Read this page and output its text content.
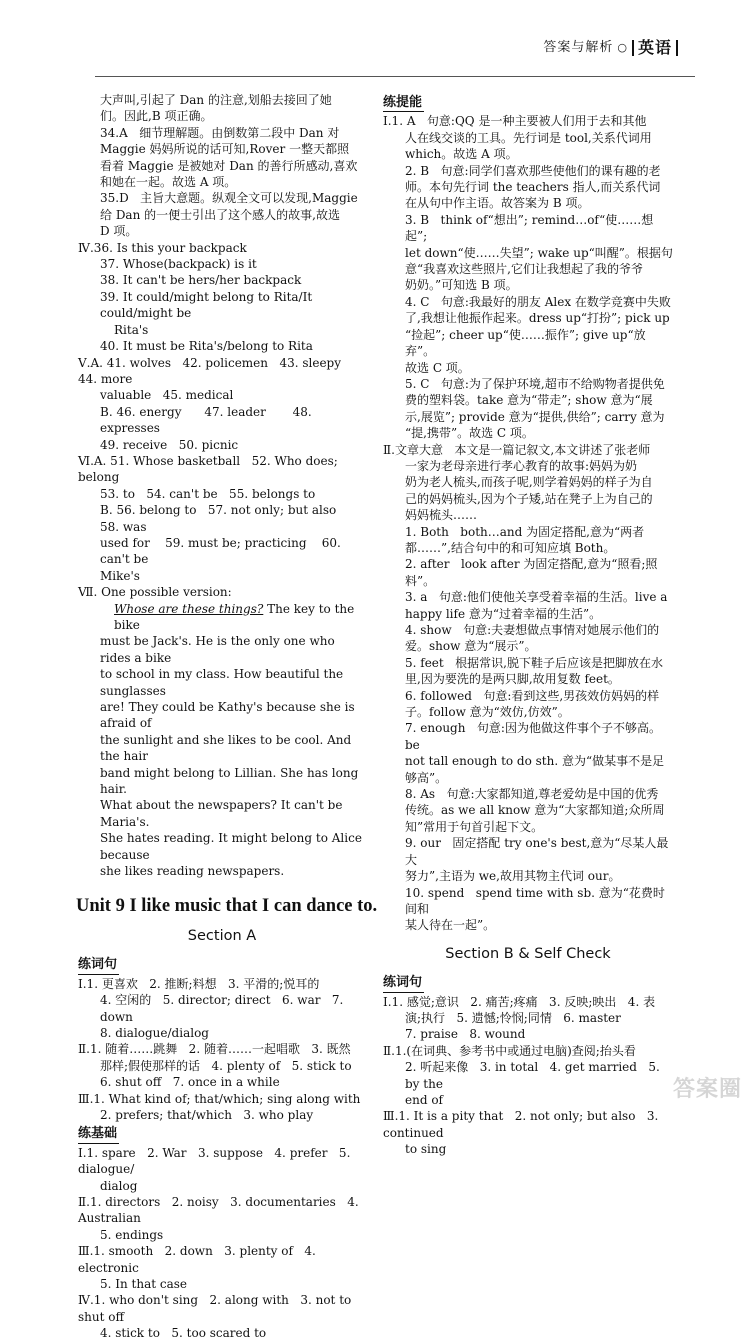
答案与解析 ○ 英语

大声叫,引起了 Dan 的注意,划船去接回了她

们。因此,B 项正确。

34.A   细节理解题。由倒数第二段中 Dan 对

Maggie 妈妈所说的话可知,Rover 一整天都照

看着 Maggie 是被她对 Dan 的善行所感动,喜欢

和她在一起。故选 A 项。

35.D   主旨大意题。纵观全文可以发现,Maggie

给 Dan 的一便士引出了这个感人的故事,故选

D 项。

Ⅳ.36. Is this your backpack

37. Whose(backpack) is it

38. It can't be hers/her backpack

39. It could/might belong to Rita/It could/might be

Rita's

40. It must be Rita's/belong to Rita

Ⅴ.A. 41. wolves   42. policemen   43. sleepy   44. more

valuable   45. medical

B. 46. energy      47. leader       48. expresses

49. receive   50. picnic

Ⅵ.A. 51. Whose basketball   52. Who does; belong

53. to   54. can't be   55. belongs to

B. 56. belong to   57. not only; but also   58. was

used for    59. must be; practicing    60. can't be

Mike's

Ⅶ. One possible version:

Whose are these things? The key to the bike

must be Jack's. He is the only one who rides a bike

to school in my class. How beautiful the sunglasses

are! They could be Kathy's because she is afraid of

the sunlight and she likes to be cool. And the hair

band might belong to Lillian. She has long hair.

What about the newspapers? It can't be Maria's.

She hates reading. It might belong to Alice because

she likes reading newspapers.

Unit 9 I like music that I can dance to.
Section A
练词句

Ⅰ.1. 更喜欢   2. 推断;料想   3. 平滑的;悦耳的

4. 空闲的   5. director; direct   6. war   7. down

8. dialogue/dialog

Ⅱ.1. 随着……跳舞   2. 随着……一起唱歌   3. 既然

那样;假使那样的话   4. plenty of   5. stick to

6. shut off   7. once in a while

Ⅲ.1. What kind of; that/which; sing along with

2. prefers; that/which   3. who play

练基础

Ⅰ.1. spare   2. War   3. suppose   4. prefer   5. dialogue/

dialog

Ⅱ.1. directors   2. noisy   3. documentaries   4. Australian

5. endings

Ⅲ.1. smooth   2. down   3. plenty of   4. electronic

5. In that case

Ⅳ.1. who don't sing   2. along with   3. not to shut off

4. stick to   5. too scared to

练提能

Ⅰ.1. A   句意:QQ 是一种主要被人们用于去和其他

人在线交谈的工具。先行词是 tool,关系代词用

which。故选 A 项。

2. B   句意:同学们喜欢那些使他们的课有趣的老

师。本句先行词 the teachers 指人,而关系代词

在从句中作主语。故答案为 B 项。

3. B   think of“想出”; remind…of“使……想起”;

let down“使……失望”; wake up“叫醒”。根据句

意“我喜欢这些照片,它们让我想起了我的爷爷

奶奶。”可知选 B 项。

4. C   句意:我最好的朋友 Alex 在数学竞赛中失败

了,我想让他振作起来。dress up“打扮”; pick up

“捡起”; cheer up“使……振作”; give up“放弃”。

故选 C 项。

5. C   句意:为了保护环境,超市不给购物者提供免

费的塑料袋。take 意为“带走”; show 意为“展

示,展览”; provide 意为“提供,供给”; carry 意为

“提,携带”。故选 C 项。

Ⅱ.文章大意   本文是一篇记叙文,本文讲述了张老师

一家为老母亲进行孝心教育的故事:妈妈为奶

奶为老人梳头,而孩子呢,则学着妈妈的样子为自

己的妈妈梳头,因为个子矮,站在凳子上为自己的

妈妈梳头……

1. Both   both…and 为固定搭配,意为“两者

都……”,结合句中的和可知应填 Both。

2. after   look after 为固定搭配,意为“照看;照料”。

3. a   句意:他们使他关享受着幸福的生活。live a

happy life 意为“过着幸福的生活”。

4. show   句意:夫妻想做点事情对她展示他们的

爱。show 意为“展示”。

5. feet   根据常识,脱下鞋子后应该是把脚放在水

里,因为要洗的是两只脚,故用复数 feet。

6. followed   句意:看到这些,男孩效仿妈妈的样

子。follow 意为“效仿,仿效”。

7. enough   句意:因为他做这件事个子不够高。be

not tall enough to do sth. 意为“做某事不是足

够高”。

8. As   句意:大家都知道,尊老爱幼是中国的优秀

传统。as we all know 意为“大家都知道;众所周

知”常用于句首引起下文。

9. our   固定搭配 try one's best,意为“尽某人最大

努力”,主语为 we,故用其物主代词 our。

10. spend   spend time with sb. 意为“花费时间和

某人待在一起”。

Section B & Self Check
练词句

Ⅰ.1. 感觉;意识   2. 痛苦;疼痛   3. 反映;映出   4. 表

演;执行   5. 遗憾;怜悯;同情   6. master

7. praise   8. wound

Ⅱ.1.(在词典、参考书中或通过电脑)查阅;抬头看

2. 听起来像   3. in total   4. get married   5. by the

end of

Ⅲ.1. It is a pity that   2. not only; but also   3. continued

to sing

答案圈
